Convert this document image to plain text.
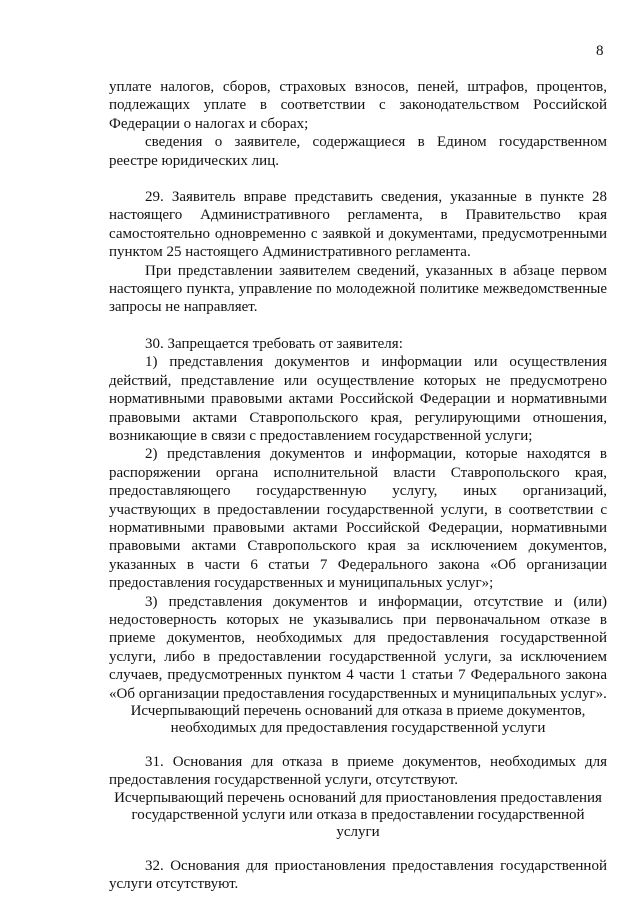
8

уплате налогов, сборов, страховых взносов, пеней, штрафов, процентов, подлежащих уплате в соответствии с законодательством Российской Федерации о налогах и сборах;

сведения о заявителе, содержащиеся в Едином государственном реестре юридических лиц.

29. Заявитель вправе представить сведения, указанные в пункте 28 настоящего Административного регламента, в Правительство края самостоятельно одновременно с заявкой и документами, предусмотренными пунктом 25 настоящего Административного регламента.

При представлении заявителем сведений, указанных в абзаце первом настоящего пункта, управление по молодежной политике межведомственные запросы не направляет.

30. Запрещается требовать от заявителя:

1) представления документов и информации или осуществления действий, представление или осуществление которых не предусмотрено нормативными правовыми актами Российской Федерации и нормативными правовыми актами Ставропольского края, регулирующими отношения, возникающие в связи с предоставлением государственной услуги;

2) представления документов и информации, которые находятся в распоряжении органа исполнительной власти Ставропольского края, предоставляющего государственную услугу, иных организаций, участвующих в предоставлении государственной услуги, в соответствии с нормативными правовыми актами Российской Федерации, нормативными правовыми актами Ставропольского края за исключением документов, указанных в части 6 статьи 7 Федерального закона «Об организации предоставления государственных и муниципальных услуг»;

3) представления документов и информации, отсутствие и (или) недостоверность которых не указывались при первоначальном отказе в приеме документов, необходимых для предоставления государственной услуги, либо в предоставлении государственной услуги, за исключением случаев, предусмотренных пунктом 4 части 1 статьи 7 Федерального закона «Об организации предоставления государственных и муниципальных услуг».

Исчерпывающий перечень оснований для отказа в приеме документов, необходимых для предоставления государственной услуги

31. Основания для отказа в приеме документов, необходимых для предоставления государственной услуги, отсутствуют.

Исчерпывающий перечень оснований для приостановления предоставления государственной услуги или отказа в предоставлении государственной услуги

32. Основания для приостановления предоставления государственной услуги отсутствуют.
